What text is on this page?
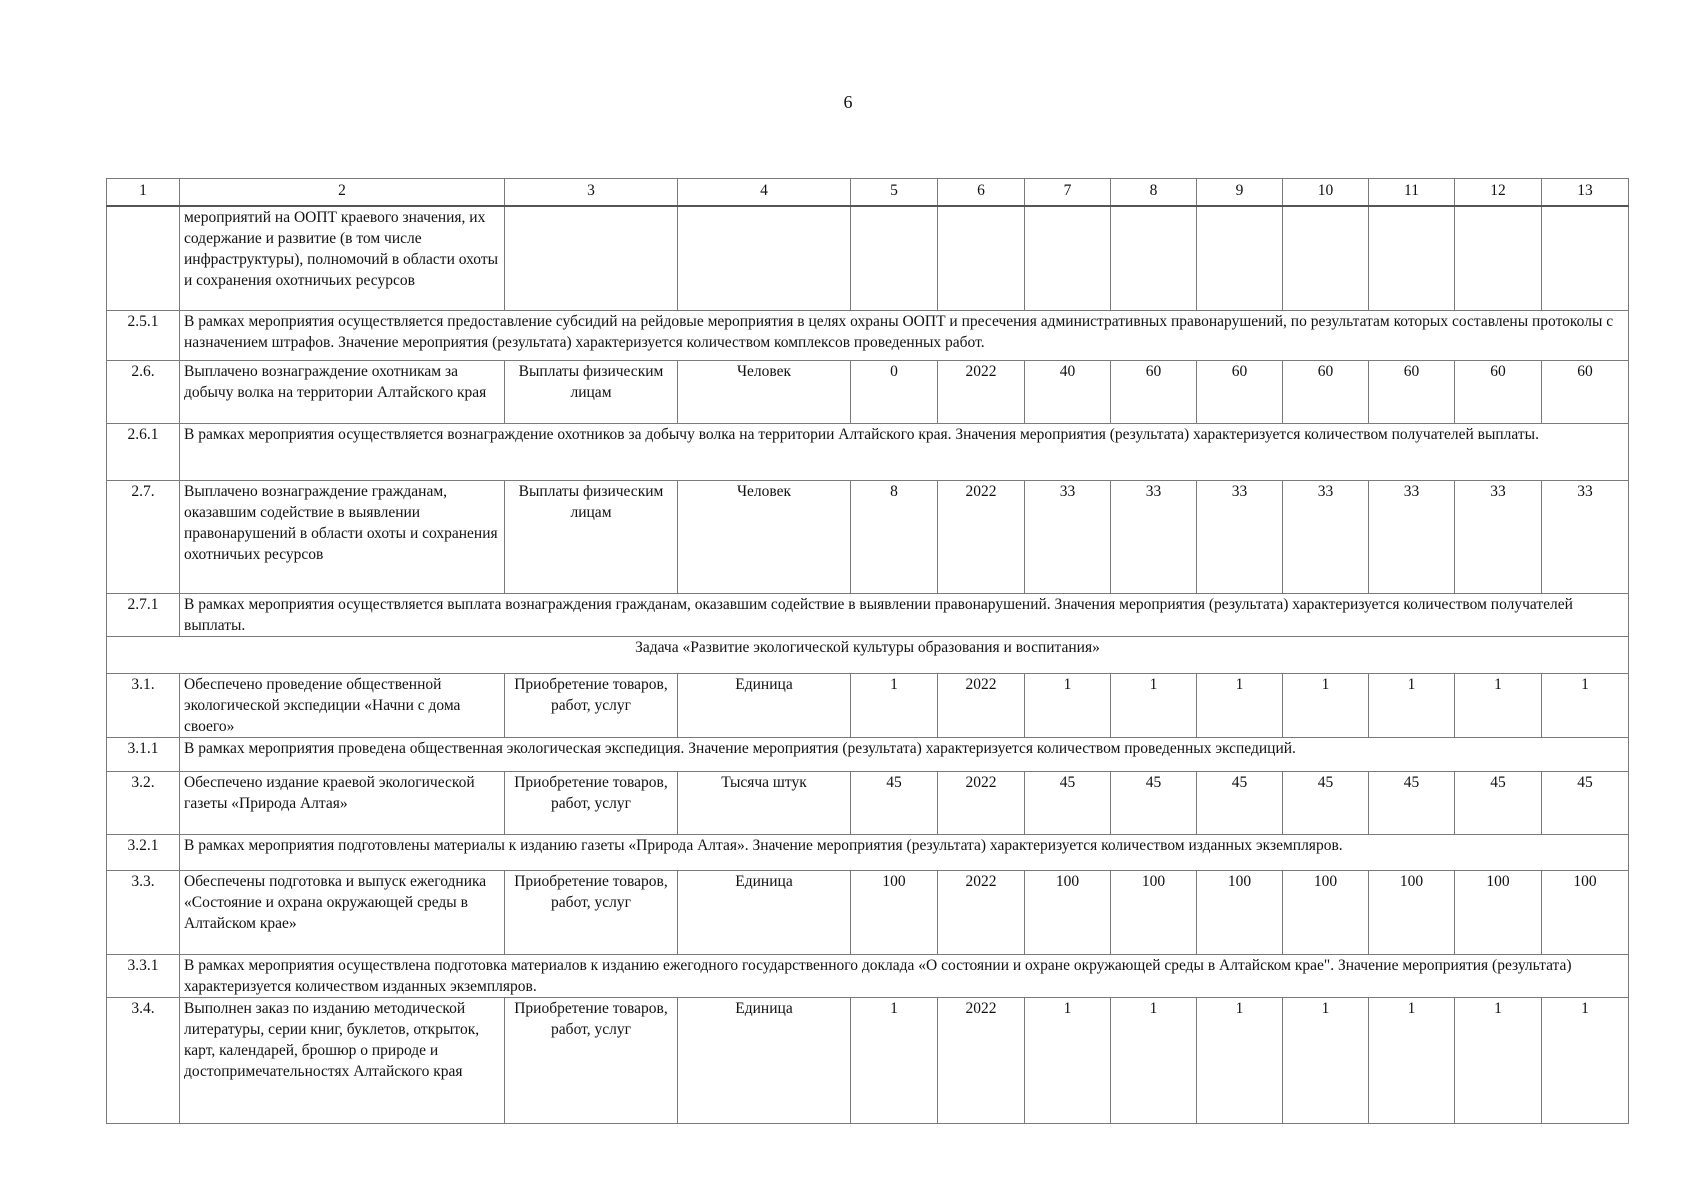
6
1	2	3	4	5	6	7	8	9	10	11	12	13
	мероприятий на ООПТ краевого значения, их содержание и развитие (в том числе инфраструктуры), полномочий в области охоты и сохранения охотничьих ресурсов											
2.5.1	В рамках мероприятия осуществляется предоставление субсидий на рейдовые мероприятия в целях охраны ООПТ и пресечения административных правонарушений, по результатам которых составлены протоколы с назначением штрафов. Значение мероприятия (результата) характеризуется количеством комплексов проведенных работ.											
2.6.	Выплачено вознаграждение охотникам за добычу волка на территории Алтайского края	Выплаты физическим лицам	Человек	0	2022	40	60	60	60	60	60	60
2.6.1	В рамках мероприятия осуществляется вознаграждение охотников за добычу волка на территории Алтайского края. Значения мероприятия (результата) характеризуется количеством получателей выплаты.											
2.7.	Выплачено вознаграждение гражданам, оказавшим содействие в выявлении правонарушений в области охоты и сохранения охотничьих ресурсов	Выплаты физическим лицам	Человек	8	2022	33	33	33	33	33	33	33
2.7.1	В рамках мероприятия осуществляется выплата вознаграждения гражданам, оказавшим содействие в выявлении правонарушений. Значения мероприятия (результата) характеризуется количеством получателей выплаты.											
Задача «Развитие экологической культуры образования и воспитания»												
3.1.	Обеспечено проведение общественной экологической экспедиции «Начни с дома своего»	Приобретение товаров, работ, услуг	Единица	1	2022	1	1	1	1	1	1	1
3.1.1	В рамках мероприятия проведена общественная экологическая экспедиция. Значение мероприятия (результата) характеризуется количеством проведенных экспедиций.											
3.2.	Обеспечено издание краевой экологической газеты «Природа Алтая»	Приобретение товаров, работ, услуг	Тысяча штук	45	2022	45	45	45	45	45	45	45
3.2.1	В рамках мероприятия подготовлены материалы к изданию газеты «Природа Алтая». Значение мероприятия (результата) характеризуется количеством изданных экземпляров.											
3.3.	Обеспечены подготовка и выпуск ежегодника «Состояние и охрана окружающей среды в Алтайском крае»	Приобретение товаров, работ, услуг	Единица	100	2022	100	100	100	100	100	100	100
3.3.1	В рамках мероприятия осуществлена подготовка материалов к изданию ежегодного государственного доклада «О состоянии и охране окружающей среды в Алтайском крае". Значение мероприятия (результата) характеризуется количеством изданных экземпляров.											
3.4.	Выполнен заказ по изданию методической литературы, серии книг, буклетов, открыток, карт, календарей, брошюр о природе и достопримечательностях Алтайского края	Приобретение товаров, работ, услуг	Единица	1	2022	1	1	1	1	1	1	1
